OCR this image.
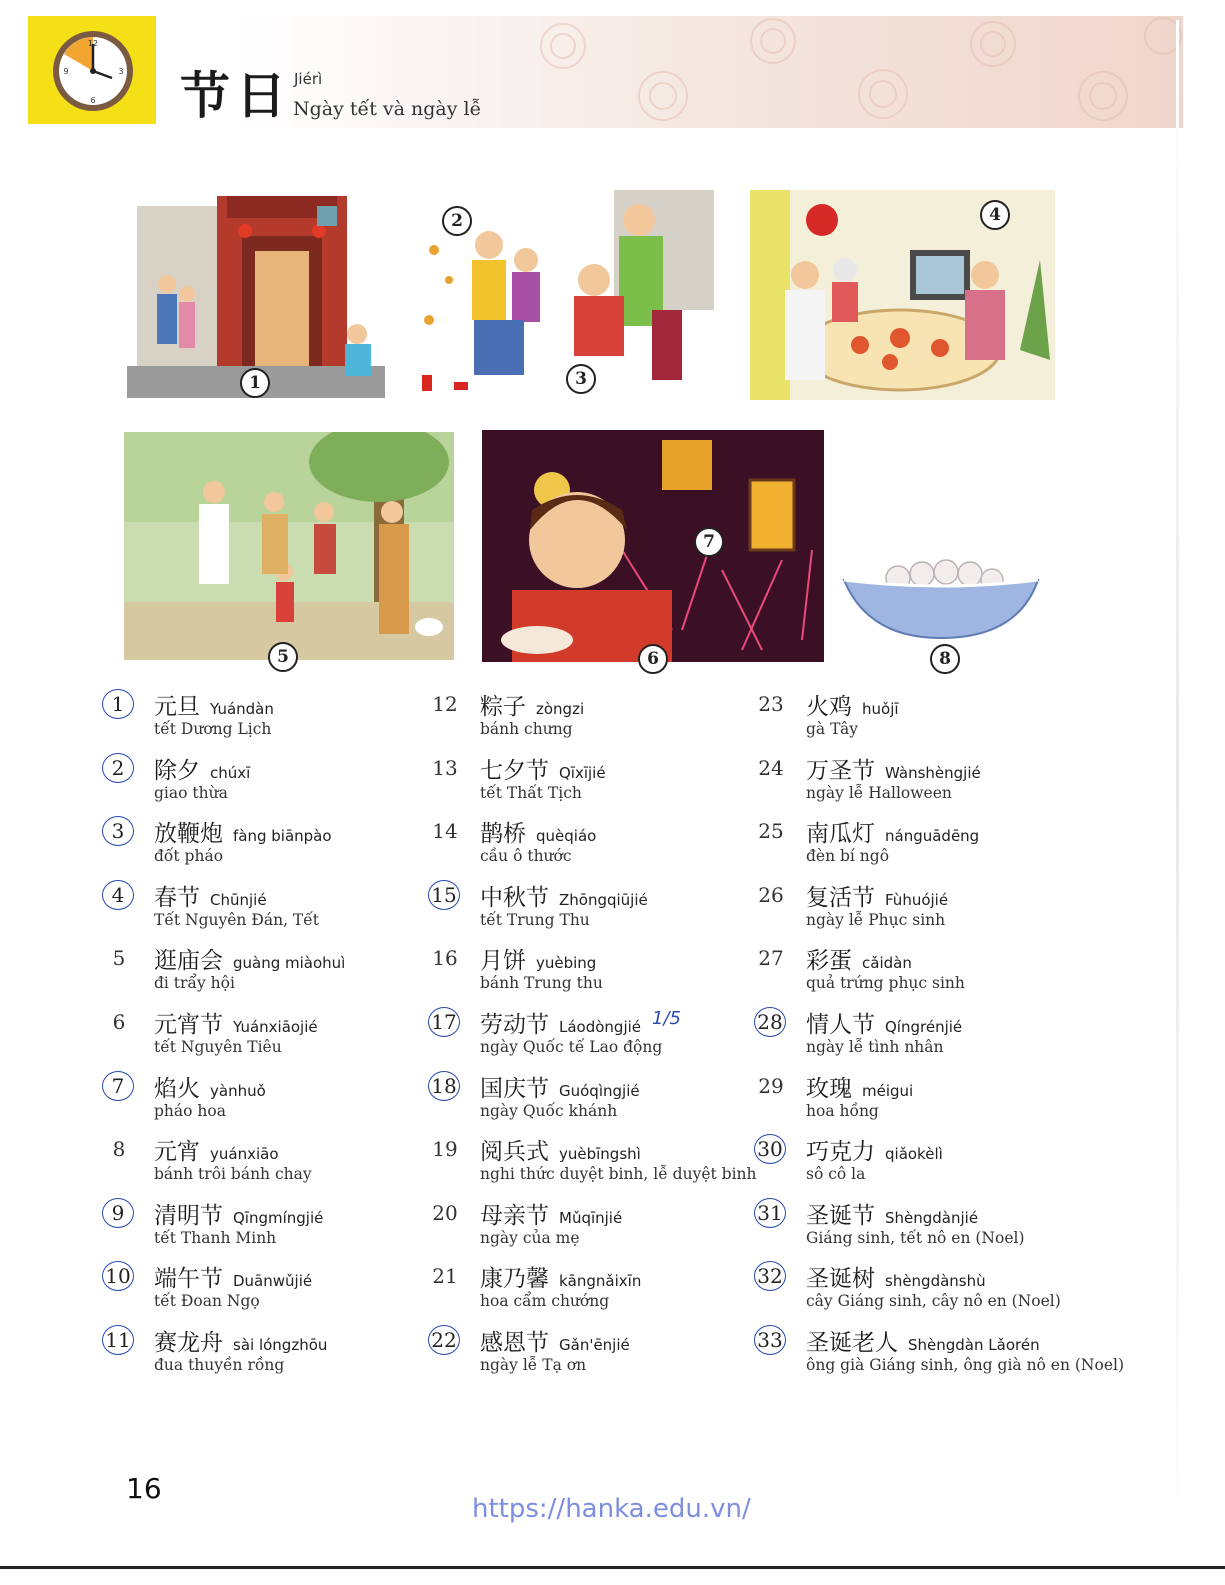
12
3
6
9 节日 Jiérì
Ngày tết và ngày lễ
1
2
3
4
5	6
7
8
1	元旦 Yuándàn
tết Dương Lịch
2	除夕 chúxī
giao thừa
3	放鞭炮 fàng biānpào
đốt pháo
4	春节 Chūnjié
Tết Nguyên Đán, Tết
5	逛庙会 guàng miàohuì
đi trẩy hội
6	元宵节 Yuánxiāojié
tết Nguyên Tiêu
7	焰火 yànhuǒ
pháo hoa
8	元宵 yuánxiāo
bánh trôi bánh chay
9	清明节 Qīngmíngjié
tết Thanh Minh
10 端午节 Duānwǔjié
tết Đoan Ngọ
11 赛龙舟 sài lóngzhōu
đua thuyền rồng
12 粽子 zòngzi
bánh chưng
13 七夕节 Qīxījié
tết Thất Tịch
14 鹊桥 quèqiáo
cầu ô thước
15 中秋节 Zhōngqiūjié
tết Trung Thu
16 月饼 yuèbing
bánh Trung thu
17 劳动节 Láodòngjié
ngày Quốc tế Lao động
18 国庆节 Guóqìngjié
ngày Quốc khánh
19 阅兵式 yuèbīngshì
nghi thức duyệt binh, lễ duyệt binh
20 母亲节 Mǔqīnjié
ngày của mẹ
21 康乃馨 kāngnǎixīn
hoa cẩm chướng
22 感恩节 Gǎn'ēnjié
ngày lễ Tạ ơn
23 火鸡 huǒjī
gà Tây
24 万圣节 Wànshèngjié
ngày lễ Halloween
25 南瓜灯 nánguādēng
đèn bí ngô
26 复活节 Fùhuójié
ngày lễ Phục sinh
27 彩蛋 cǎidàn
quả trứng phục sinh
28 情人节 Qíngrénjié
ngày lễ tình nhân
29 玫瑰 méigui
hoa hồng
30 巧克力 qiǎokèlì
sô cô la
31 圣诞节 Shèngdànjié
Giáng sinh, tết nô en (Noel)
32 圣诞树 shèngdànshù
cây Giáng sinh, cây nô en (Noel)
33 圣诞老人 Shèngdàn Lǎorén
ông già Giáng sinh, ông già nô en (Noel)
1/5
16
https://hanka.edu.vn/
